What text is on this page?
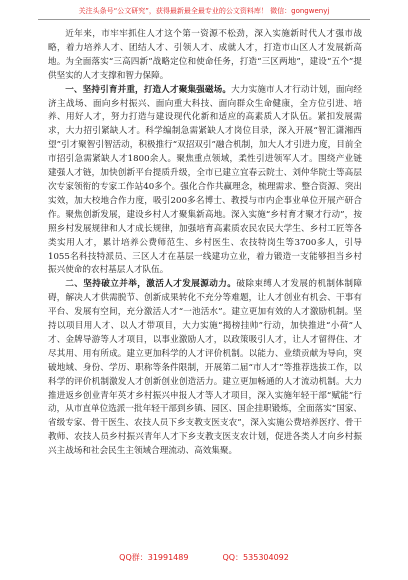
关注头条号“公文研究”，获得最新最全最专业的公文资料库！ 微信：gongwenyj

近年来，市牢牢抓住人才这个第一资源不松劲，深入实施新时代人才强市战略，着力培养人才、团结人才、引领人才、成就人才，打造市山区人才发展新高地。为全面落实“三高四新”战略定位和使命任务，打造“三区两地”，建设“五个”提供坚实的人才支撑和智力保障。

一、坚持引育并重，打造人才聚集强磁场。大力实施市人才行动计划，面向经济主战场、面向乡村振兴、面向重大科技、面向群众生命健康，全方位引进、培养、用好人才，努力打造与建设现代化新和适应的高素质人才队伍。紧扣发展需求，大力招引紧缺人才。科学编制急需紧缺人才岗位目录，深入开展“智汇潇湘西望”引才聚智引智活动，积极推行“双招双引”融合机制，加大人才引进力度，目前全市招引急需紧缺人才1800余人。聚焦重点领域，柔性引进领军人才。围绕产业链建强人才链，加快创新平台提质升级，全市已建立宜春云院士、刘仲华院士等高层次专家领衔的专家工作站40多个。强化合作共赢理念，梳理需求、整合资源、突出实效，加大校地合作力度，吸引200多名博士、教授与市内企事业单位开展产研合作。聚焦创新发展，建设乡村人才聚集新高地。深入实施“乡村育才聚才行动”，按照乡村发展规律和人才成长规律，加强培育高素质农民农民大学生、乡村工匠等各类实用人才，累计培养公费师范生、乡村医生、农技特岗生等3700多人，引导1055名科技特派员、三区人才在基层一线建功立业，着力锻造一支能够担当乡村振兴使命的农村基层人才队伍。

二、坚持破立并举，激活人才发展源动力。破除束缚人才发展的机制体制障碍，解决人才供需脱节、创新成果转化不充分等难题，让人才创业有机会、干事有平台、发展有空间，充分激活人才“一池活水”。建立更加有效的人才激励机制。坚持以项目用人才、以人才带项目，大力实施“揭榜挂帅”行动，加快推进“小荷”人才、金牌导游等人才项目，以事业激励人才，以政策吸引人才，让人才留得住、才尽其用、用有所成。建立更加科学的人才评价机制。以能力、业绩贡献为导向，突破地域、身份、学历、职称等条件限制，开展第二届“市人才”等推荐选拔工作，以科学的评价机制激发人才创新创业创造活力。建立更加畅通的人才流动机制。大力推进返乡创业青年英才乡村振兴申报人才等人才项目，深入实施年轻干部“赋能”行动，从市直单位选派一批年轻干部到乡镇、园区、国企挂职锻炼，全面落实“国家、省级专家、骨干医生、农技人员下乡支教支医支农”，深入实施公费培养医疗、骨干教师、农技人员乡村振兴青年人才下乡支教支医支农计划，促进各类人才向乡村振兴主战场和社会民生主领域合理流动、高效集聚。

QQ群：31991489	QQ：535304092
